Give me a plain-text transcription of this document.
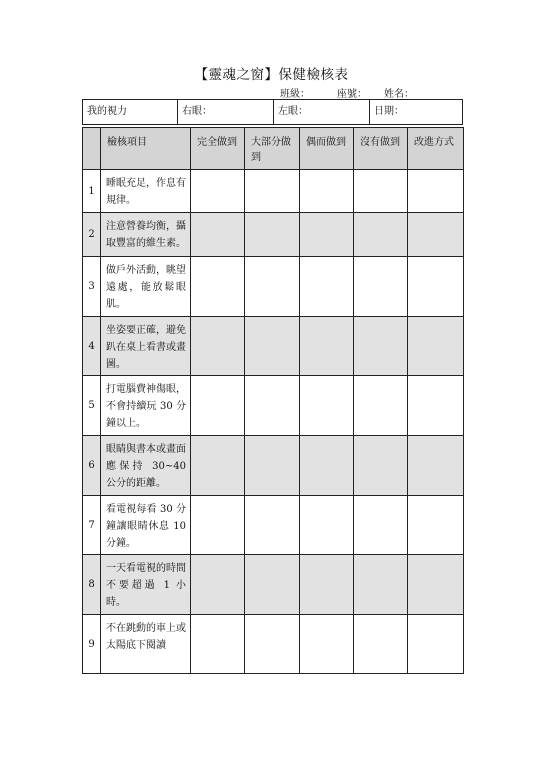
【靈魂之窗】保健檢核表
班級：	座號： 姓名：
我的視力	右眼：	左眼：	日期：
	檢核項目	完全做到	大部分做到	偶而做到	沒有做到	改進方式
1	睡眠充足，作息有規律。					
2	注意營養均衡，攝取豐富的維生素。					
3	做戶外活動，眺望遠處，能放鬆眼肌。					
4	坐姿要正確，避免趴在桌上看書或畫圖。					
5	打電腦費神傷眼，不會持續玩 30 分鐘以上。					
6	眼睛與書本或畫面應保持 30~40 公分的距離。					
7	看電視每看 30 分鐘讓眼睛休息 10 分鐘。					
8	一天看電視的時間不要超過 1 小時。					
9	不在跳動的車上或太陽底下閱讀					
